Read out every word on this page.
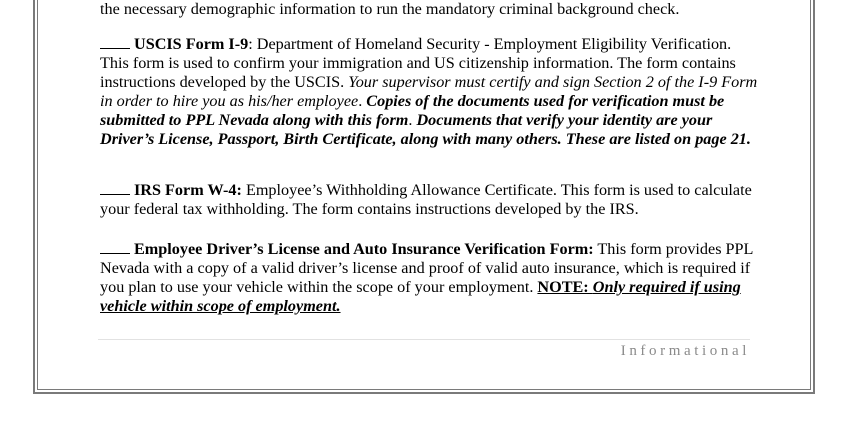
the necessary demographic information to run the mandatory criminal background check.

USCIS Form I-9: Department of Homeland Security - Employment Eligibility Verification. This form is used to confirm your immigration and US citizenship information. The form contains instructions developed by the USCIS. Your supervisor must certify and sign Section 2 of the I-9 Form in order to hire you as his/her employee. Copies of the documents used for verification must be submitted to PPL Nevada along with this form. Documents that verify your identity are your Driver’s License, Passport, Birth Certificate, along with many others. These are listed on page 21.

IRS Form W-4: Employee’s Withholding Allowance Certificate. This form is used to calculate your federal tax withholding. The form contains instructions developed by the IRS.

Employee Driver’s License and Auto Insurance Verification Form: This form provides PPL Nevada with a copy of a valid driver’s license and proof of valid auto insurance, which is required if you plan to use your vehicle within the scope of your employment. NOTE: Only required if using vehicle within scope of employment.

Informational
